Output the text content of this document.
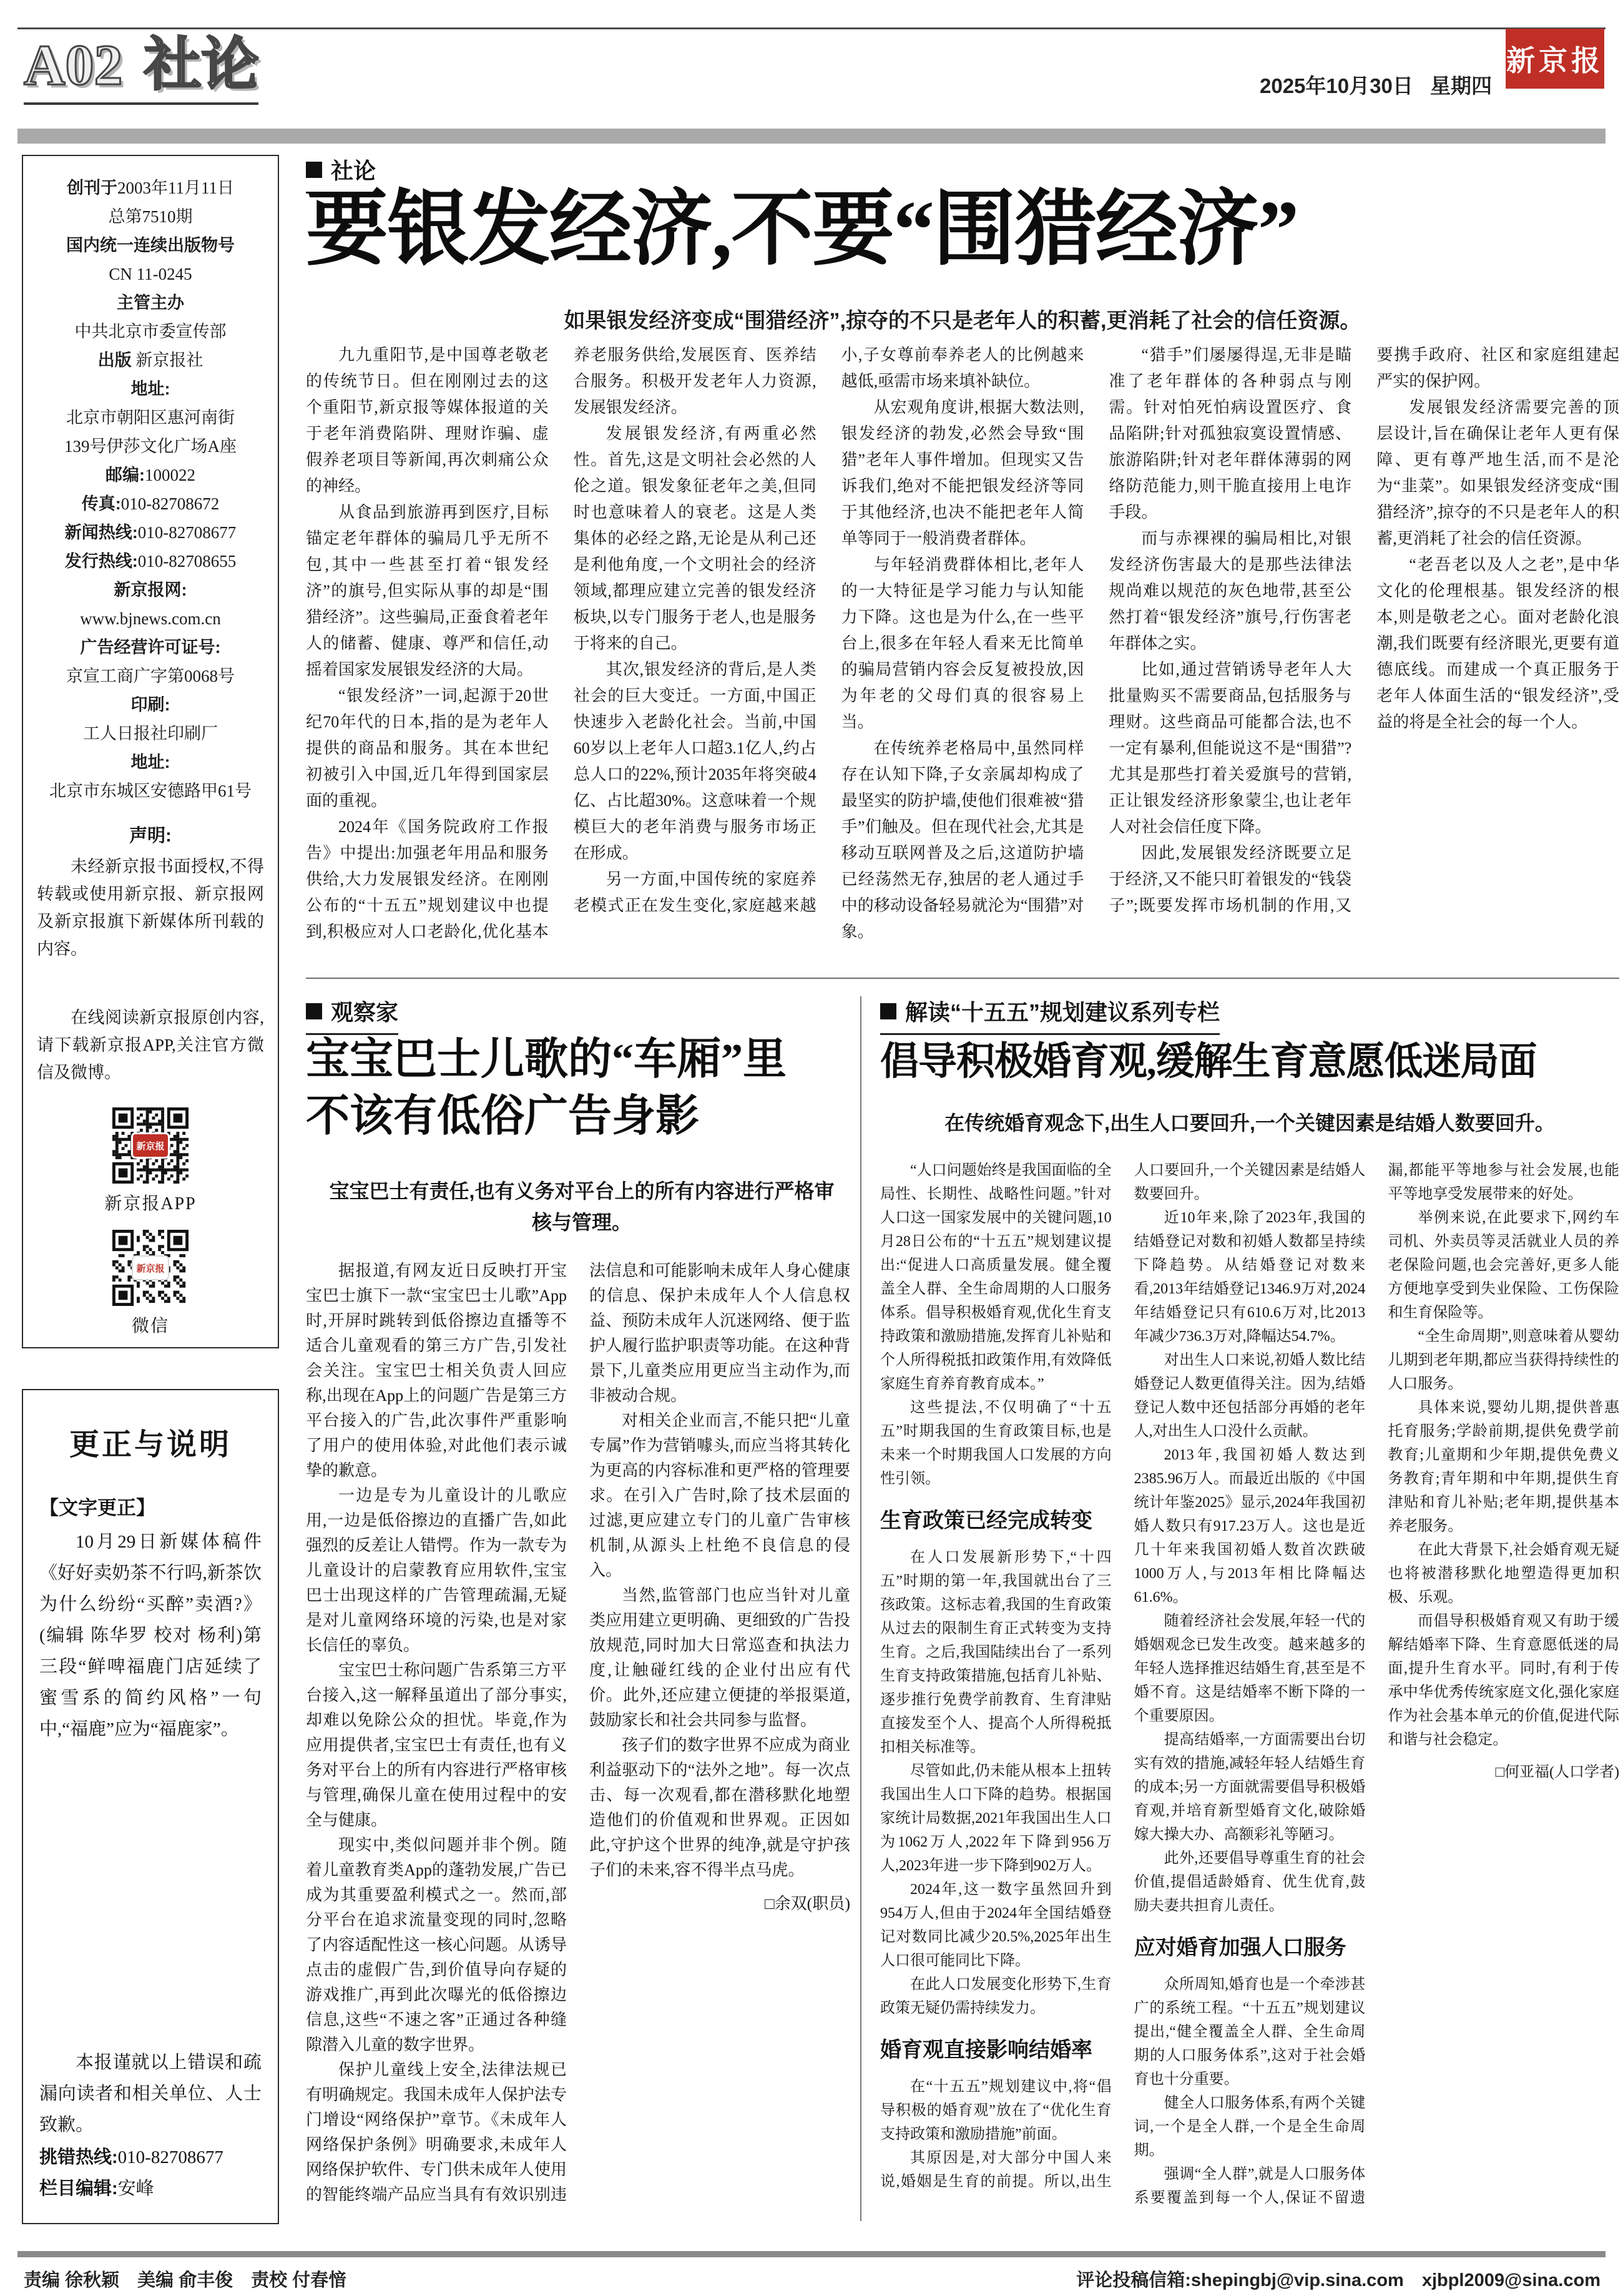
A02 社论	2025年10月30日 星期四
新京报
创刊于2003年11月11日
总第7510期
国内统一连续出版物号
CN 11-0245
主管主办
中共北京市委宣传部
出版 新京报社
地址:
北京市朝阳区惠河南街
139号伊莎文化广场A座
邮编:100022
传真:010-82708672
新闻热线:010-82708677
发行热线:010-82708655
新京报网:
www.bjnews.com.cn
广告经营许可证号:
京宣工商广字第0068号
印刷:
工人日报社印刷厂
地址:
北京市东城区安德路甲61号
声明:

未经新京报书面授权,不得转载或使用新京报、新京报网及新京报旗下新媒体所刊载的内容。

在线阅读新京报原创内容,请下载新京报APP,关注官方微信及微博。

新京报
新京报APP
新京报
微信
更正与说明
【文字更正】

10月29日新媒体稿件《好好卖奶茶不行吗,新茶饮为什么纷纷“买醉”卖酒?》(编辑 陈华罗 校对 杨利)第三段“鲜啤福鹿门店延续了蜜雪系的简约风格”一句中,“福鹿”应为“福鹿家”。

本报谨就以上错误和疏漏向读者和相关单位、人士致歉。

挑错热线:010-82708677
栏目编辑:安峰
社论
要银发经济,不要“围猎经济”
如果银发经济变成“围猎经济”,掠夺的不只是老年人的积蓄,更消耗了社会的信任资源。

九九重阳节,是中国尊老敬老的传统节日。但在刚刚过去的这个重阳节,新京报等媒体报道的关于老年消费陷阱、理财诈骗、虚假养老项目等新闻,再次刺痛公众的神经。

从食品到旅游再到医疗,目标锚定老年群体的骗局几乎无所不包,其中一些甚至打着“银发经济”的旗号,但实际从事的却是“围猎经济”。这些骗局,正蚕食着老年人的储蓄、健康、尊严和信任,动摇着国家发展银发经济的大局。

“银发经济”一词,起源于20世纪70年代的日本,指的是为老年人提供的商品和服务。其在本世纪初被引入中国,近几年得到国家层面的重视。

2024年《国务院政府工作报告》中提出:加强老年用品和服务供给,大力发展银发经济。在刚刚公布的“十五五”规划建议中也提到,积极应对人口老龄化,优化基本养老服务供给,发展医育、医养结合服务。积极开发老年人力资源,发展银发经济。

发展银发经济,有两重必然性。首先,这是文明社会必然的人伦之道。银发象征老年之美,但同时也意味着人的衰老。这是人类集体的必经之路,无论是从利己还是利他角度,一个文明社会的经济领域,都理应建立完善的银发经济板块,以专门服务于老人,也是服务于将来的自己。

其次,银发经济的背后,是人类社会的巨大变迁。一方面,中国正快速步入老龄化社会。当前,中国60岁以上老年人口超3.1亿人,约占总人口的22%,预计2035年将突破4亿、占比超30%。这意味着一个规模巨大的老年消费与服务市场正在形成。

另一方面,中国传统的家庭养老模式正在发生变化,家庭越来越小,子女尊前奉养老人的比例越来越低,亟需市场来填补缺位。

从宏观角度讲,根据大数法则,银发经济的勃发,必然会导致“围猎”老年人事件增加。但现实又告诉我们,绝对不能把银发经济等同于其他经济,也决不能把老年人简单等同于一般消费者群体。

与年轻消费群体相比,老年人的一大特征是学习能力与认知能力下降。这也是为什么,在一些平台上,很多在年轻人看来无比简单的骗局营销内容会反复被投放,因为年老的父母们真的很容易上当。

在传统养老格局中,虽然同样存在认知下降,子女亲属却构成了最坚实的防护墙,使他们很难被“猎手”们触及。但在现代社会,尤其是移动互联网普及之后,这道防护墙已经荡然无存,独居的老人通过手中的移动设备轻易就沦为“围猎”对象。

“猎手”们屡屡得逞,无非是瞄准了老年群体的各种弱点与刚需。针对怕死怕病设置医疗、食品陷阱;针对孤独寂寞设置情感、旅游陷阱;针对老年群体薄弱的网络防范能力,则干脆直接用上电诈手段。

而与赤裸裸的骗局相比,对银发经济伤害最大的是那些法律法规尚难以规范的灰色地带,甚至公然打着“银发经济”旗号,行伤害老年群体之实。

比如,通过营销诱导老年人大批量购买不需要商品,包括服务与理财。这些商品可能都合法,也不一定有暴利,但能说这不是“围猎”?尤其是那些打着关爱旗号的营销,正让银发经济形象蒙尘,也让老年人对社会信任度下降。

因此,发展银发经济既要立足于经济,又不能只盯着银发的“钱袋子”;既要发挥市场机制的作用,又要携手政府、社区和家庭组建起严实的保护网。

发展银发经济需要完善的顶层设计,旨在确保让老年人更有保障、更有尊严地生活,而不是沦为“韭菜”。如果银发经济变成“围猎经济”,掠夺的不只是老年人的积蓄,更消耗了社会的信任资源。

“老吾老以及人之老”,是中华文化的伦理根基。银发经济的根本,则是敬老之心。面对老龄化浪潮,我们既要有经济眼光,更要有道德底线。而建成一个真正服务于老年人体面生活的“银发经济”,受益的将是全社会的每一个人。

观察家
宝宝巴士儿歌的“车厢”里
不该有低俗广告身影
宝宝巴士有责任,也有义务对平台上的所有内容进行严格审核与管理。

据报道,有网友近日反映打开宝宝巴士旗下一款“宝宝巴士儿歌”App时,开屏时跳转到低俗擦边直播等不适合儿童观看的第三方广告,引发社会关注。宝宝巴士相关负责人回应称,出现在App上的问题广告是第三方平台接入的广告,此次事件严重影响了用户的使用体验,对此他们表示诚挚的歉意。

一边是专为儿童设计的儿歌应用,一边是低俗擦边的直播广告,如此强烈的反差让人错愕。作为一款专为儿童设计的启蒙教育应用软件,宝宝巴士出现这样的广告管理疏漏,无疑是对儿童网络环境的污染,也是对家长信任的辜负。

宝宝巴士称问题广告系第三方平台接入,这一解释虽道出了部分事实,却难以免除公众的担忧。毕竟,作为应用提供者,宝宝巴士有责任,也有义务对平台上的所有内容进行严格审核与管理,确保儿童在使用过程中的安全与健康。

现实中,类似问题并非个例。随着儿童教育类App的蓬勃发展,广告已成为其重要盈利模式之一。然而,部分平台在追求流量变现的同时,忽略了内容适配性这一核心问题。从诱导点击的虚假广告,到价值导向存疑的游戏推广,再到此次曝光的低俗擦边信息,这些“不速之客”正通过各种缝隙潜入儿童的数字世界。

保护儿童线上安全,法律法规已有明确规定。我国未成年人保护法专门增设“网络保护”章节。《未成年人网络保护条例》明确要求,未成年人网络保护软件、专门供未成年人使用的智能终端产品应当具有有效识别违法信息和可能影响未成年人身心健康的信息、保护未成年人个人信息权益、预防未成年人沉迷网络、便于监护人履行监护职责等功能。在这种背景下,儿童类应用更应当主动作为,而非被动合规。

对相关企业而言,不能只把“儿童专属”作为营销噱头,而应当将其转化为更高的内容标准和更严格的管理要求。在引入广告时,除了技术层面的过滤,更应建立专门的儿童广告审核机制,从源头上杜绝不良信息的侵入。

当然,监管部门也应当针对儿童类应用建立更明确、更细致的广告投放规范,同时加大日常巡查和执法力度,让触碰红线的企业付出应有代价。此外,还应建立便捷的举报渠道,鼓励家长和社会共同参与监督。

孩子们的数字世界不应成为商业利益驱动下的“法外之地”。每一次点击、每一次观看,都在潜移默化地塑造他们的价值观和世界观。正因如此,守护这个世界的纯净,就是守护孩子们的未来,容不得半点马虎。

□余双(职员)

解读“十五五”规划建议系列专栏
倡导积极婚育观,缓解生育意愿低迷局面
在传统婚育观念下,出生人口要回升,一个关键因素是结婚人数要回升。

“人口问题始终是我国面临的全局性、长期性、战略性问题。”针对人口这一国家发展中的关键问题,10月28日公布的“十五五”规划建议提出:“促进人口高质量发展。健全覆盖全人群、全生命周期的人口服务体系。倡导积极婚育观,优化生育支持政策和激励措施,发挥育儿补贴和个人所得税抵扣政策作用,有效降低家庭生育养育教育成本。”

这些提法,不仅明确了“十五五”时期我国的生育政策目标,也是未来一个时期我国人口发展的方向性引领。

生育政策已经完成转变

在人口发展新形势下,“十四五”时期的第一年,我国就出台了三孩政策。这标志着,我国的生育政策从过去的限制生育正式转变为支持生育。之后,我国陆续出台了一系列生育支持政策措施,包括育儿补贴、逐步推行免费学前教育、生育津贴直接发至个人、提高个人所得税抵扣相关标准等。

尽管如此,仍未能从根本上扭转我国出生人口下降的趋势。根据国家统计局数据,2021年我国出生人口为1062万人,2022年下降到956万人,2023年进一步下降到902万人。

2024年,这一数字虽然回升到954万人,但由于2024年全国结婚登记对数同比减少20.5%,2025年出生人口很可能同比下降。

在此人口发展变化形势下,生育政策无疑仍需持续发力。

婚育观直接影响结婚率

在“十五五”规划建议中,将“倡导积极的婚育观”放在了“优化生育支持政策和激励措施”前面。

其原因是,对大部分中国人来说,婚姻是生育的前提。所以,出生人口要回升,一个关键因素是结婚人数要回升。

近10年来,除了2023年,我国的结婚登记对数和初婚人数都呈持续下降趋势。从结婚登记对数来看,2013年结婚登记1346.9万对,2024年结婚登记只有610.6万对,比2013年减少736.3万对,降幅达54.7%。

对出生人口来说,初婚人数比结婚登记人数更值得关注。因为,结婚登记人数中还包括部分再婚的老年人,对出生人口没什么贡献。

2013年,我国初婚人数达到2385.96万人。而最近出版的《中国统计年鉴2025》显示,2024年我国初婚人数只有917.23万人。这也是近几十年来我国初婚人数首次跌破1000万人,与2013年相比降幅达61.6%。

随着经济社会发展,年轻一代的婚姻观念已发生改变。越来越多的年轻人选择推迟结婚生育,甚至是不婚不育。这是结婚率不断下降的一个重要原因。

提高结婚率,一方面需要出台切实有效的措施,减轻年轻人结婚生育的成本;另一方面就需要倡导积极婚育观,并培育新型婚育文化,破除婚嫁大操大办、高额彩礼等陋习。

此外,还要倡导尊重生育的社会价值,提倡适龄婚育、优生优育,鼓励夫妻共担育儿责任。

应对婚育加强人口服务

众所周知,婚育也是一个牵涉甚广的系统工程。“十五五”规划建议提出,“健全覆盖全人群、全生命周期的人口服务体系”,这对于社会婚育也十分重要。

健全人口服务体系,有两个关键词,一个是全人群,一个是全生命周期。

强调“全人群”,就是人口服务体系要覆盖到每一个人,保证不留遗漏,都能平等地参与社会发展,也能平等地享受发展带来的好处。

举例来说,在此要求下,网约车司机、外卖员等灵活就业人员的养老保险问题,也会完善好,更多人能方便地享受到失业保险、工伤保险和生育保险等。

“全生命周期”,则意味着从婴幼儿期到老年期,都应当获得持续性的人口服务。

具体来说,婴幼儿期,提供普惠托育服务;学龄前期,提供免费学前教育;儿童期和少年期,提供免费义务教育;青年期和中年期,提供生育津贴和育儿补贴;老年期,提供基本养老服务。

在此大背景下,社会婚育观无疑也将被潜移默化地塑造得更加积极、乐观。

而倡导积极婚育观又有助于缓解结婚率下降、生育意愿低迷的局面,提升生育水平。同时,有利于传承中华优秀传统家庭文化,强化家庭作为社会基本单元的价值,促进代际和谐与社会稳定。

□何亚福(人口学者)

责编 徐秋颖　美编 俞丰俊　责校 付春愔	评论投稿信箱:shepingbj@vip.sina.com　xjbpl2009@sina.com
